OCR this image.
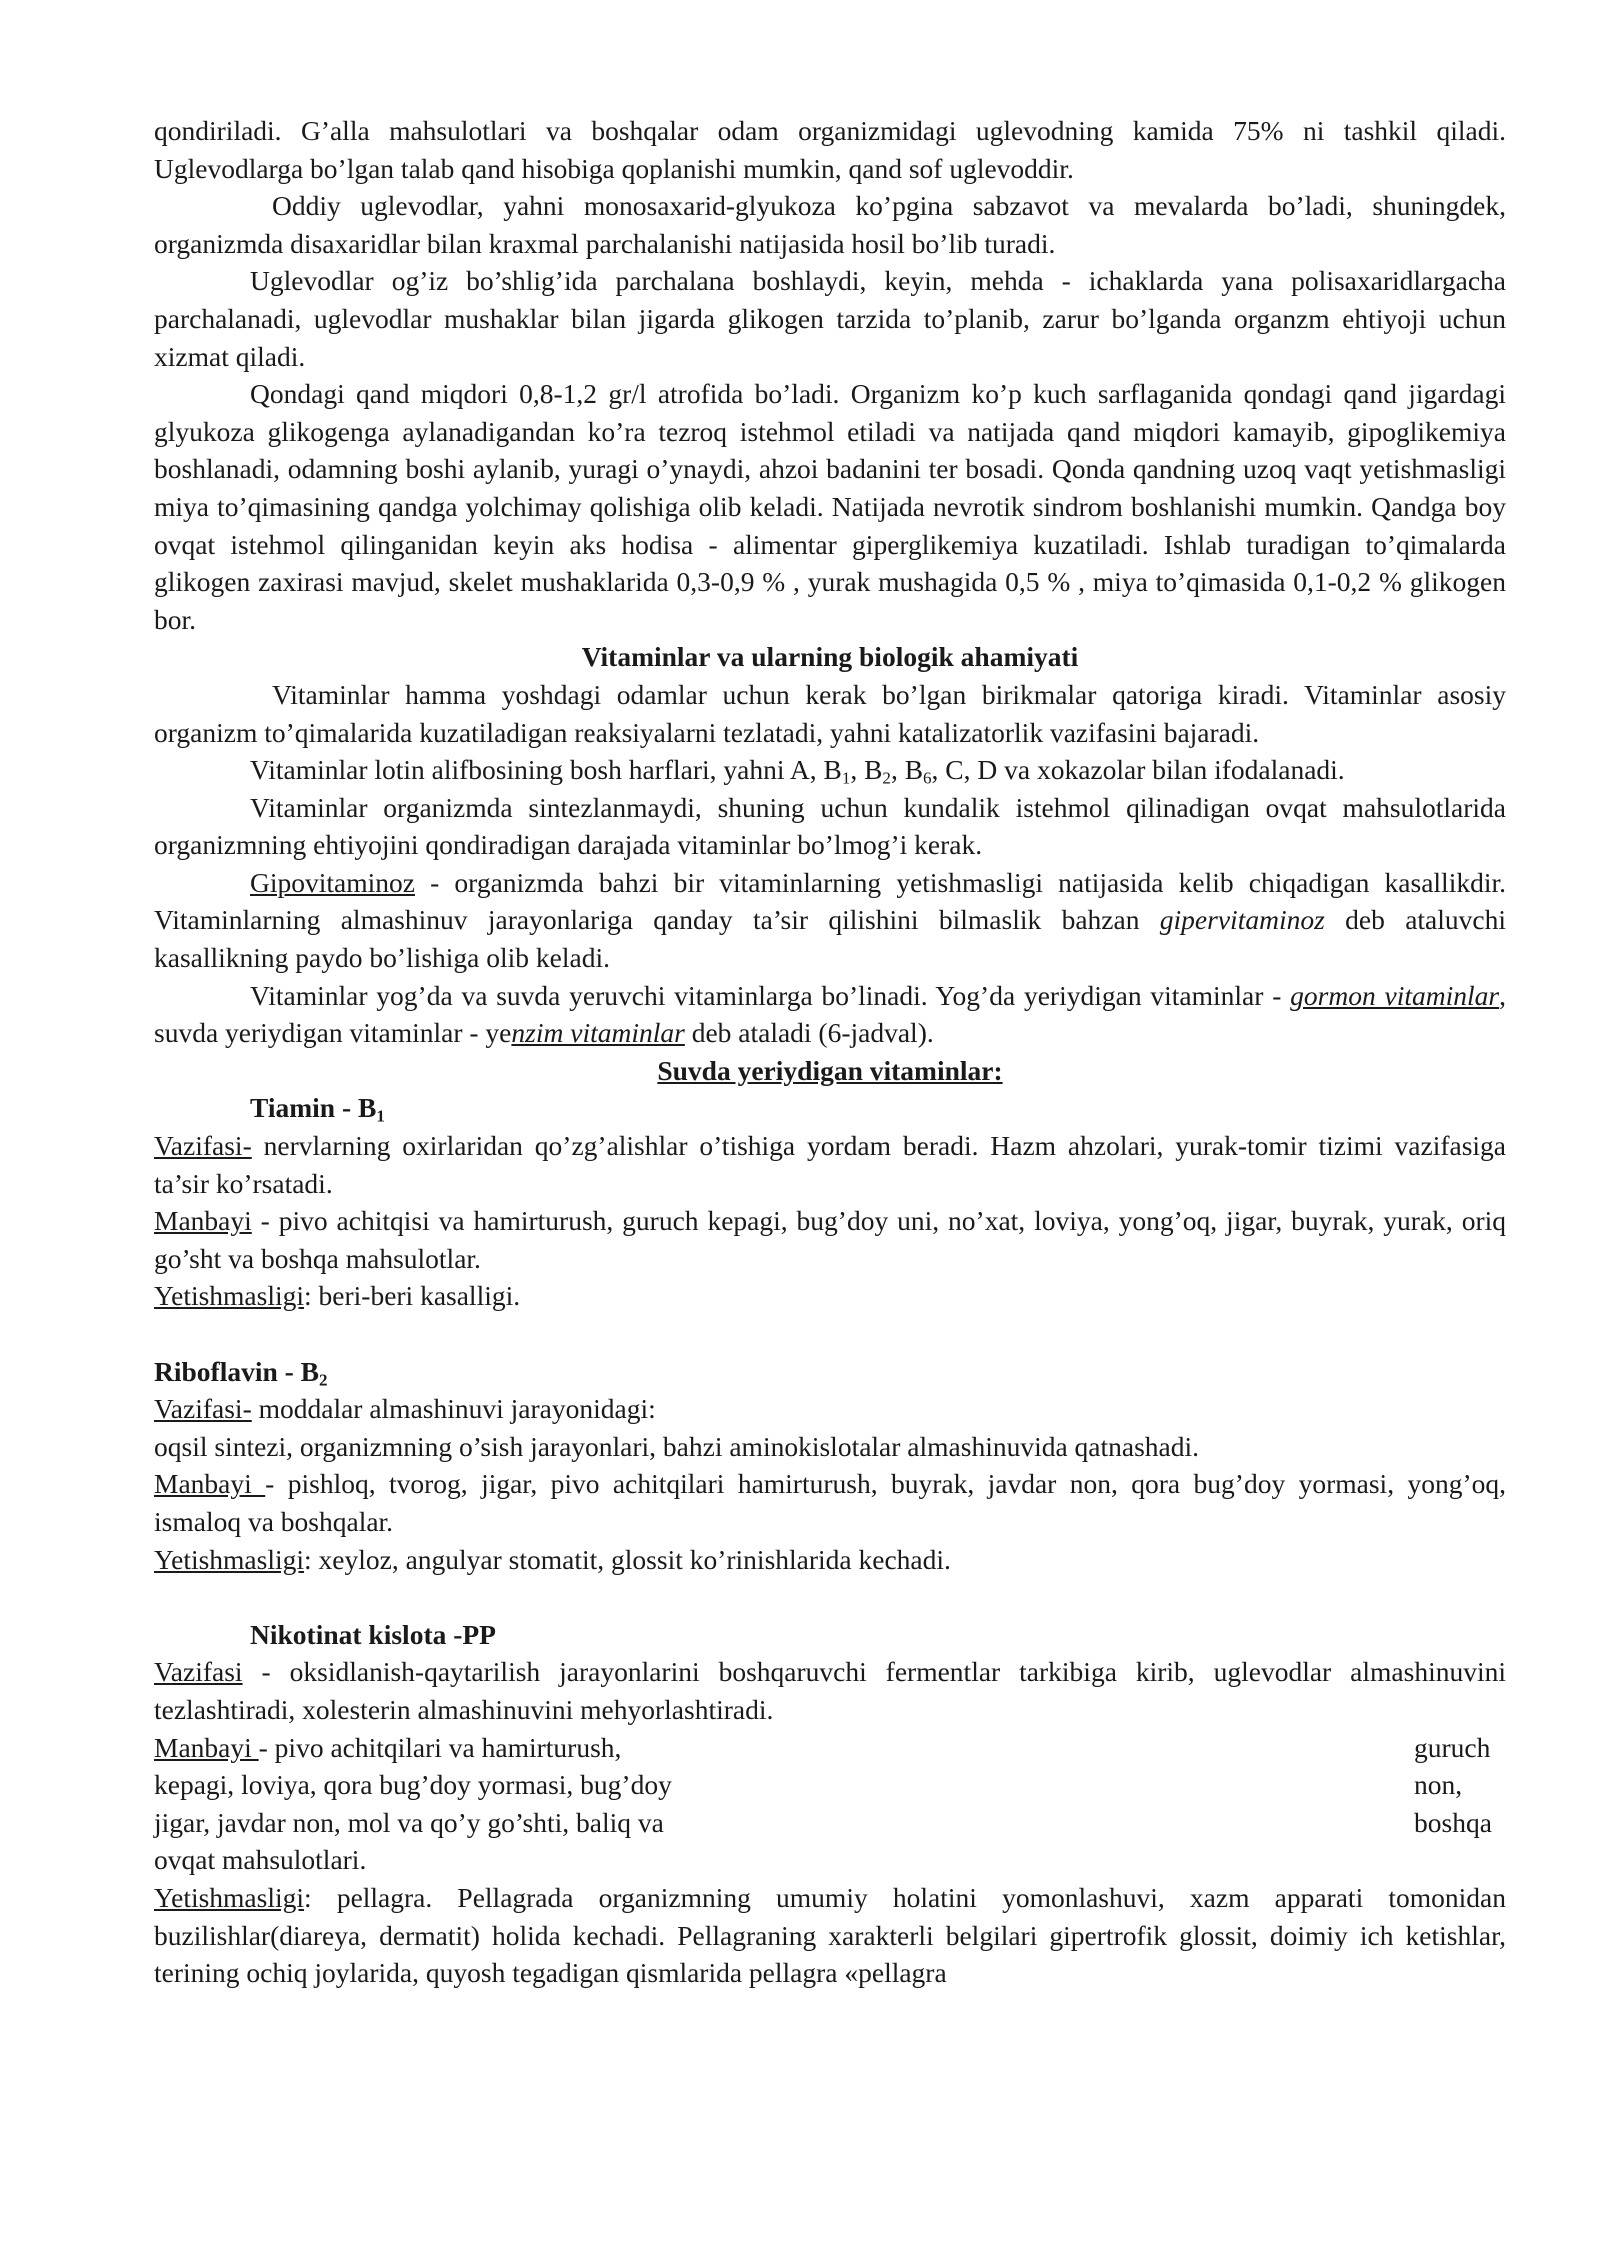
qondiriladi. G’alla mahsulotlari va boshqalar odam organizmidagi uglevodning kamida 75% ni tashkil qiladi. Uglevodlarga bo’lgan talab qand hisobiga qoplanishi mumkin, qand sof uglevoddir.

Oddiy uglevodlar, yahni monosaxarid-glyukoza ko’pgina sabzavot va mevalarda bo’ladi, shuningdek, organizmda disaxaridlar bilan kraxmal parchalanishi natijasida hosil bo’lib turadi.

Uglevodlar og’iz bo’shlig’ida parchalana boshlaydi, keyin, mehda - ichaklarda yana polisaxaridlargacha parchalanadi, uglevodlar mushaklar bilan jigarda glikogen tarzida to’planib, zarur bo’lganda organzm ehtiyoji uchun xizmat qiladi.

Qondagi qand miqdori 0,8-1,2 gr/l atrofida bo’ladi. Organizm ko’p kuch sarflaganida qondagi qand jigardagi glyukoza glikogenga aylanadigandan ko’ra tezroq istehmol etiladi va natijada qand miqdori kamayib, gipoglikemiya boshlanadi, odamning boshi aylanib, yuragi o’ynaydi, ahzoi badanini ter bosadi. Qonda qandning uzoq vaqt yetishmasligi miya to’qimasining qandga yolchimay qolishiga olib keladi. Natijada nevrotik sindrom boshlanishi mumkin. Qandga boy ovqat istehmol qilinganidan keyin aks hodisa - alimentar giperglikemiya kuzatiladi. Ishlab turadigan to’qimalarda glikogen zaxirasi mavjud, skelet mushaklarida 0,3-0,9 % , yurak mushagida 0,5 % , miya to’qimasida 0,1-0,2 % glikogen bor.

Vitaminlar va ularning biologik ahamiyati

Vitaminlar hamma yoshdagi odamlar uchun kerak bo’lgan birikmalar qatoriga kiradi. Vitaminlar asosiy organizm to’qimalarida kuzatiladigan reaksiyalarni tezlatadi, yahni katalizatorlik vazifasini bajaradi.

Vitaminlar lotin alifbosining bosh harflari, yahni A, $B_1$, $B_2$, $B_6$, C, D va xokazolar bilan ifodalanadi.

Vitaminlar organizmda sintezlanmaydi, shuning uchun kundalik istehmol qilinadigan ovqat mahsulotlarida organizmning ehtiyojini qondiradigan darajada vitaminlar bo’lmog’i kerak.

Gipovitaminoz - organizmda bahzi bir vitaminlarning yetishmasligi natijasida kelib chiqadigan kasallikdir. Vitaminlarning almashinuv jarayonlariga qanday ta’sir qilishini bilmaslik bahzan gipervitaminoz deb ataluvchi kasallikning paydo bo’lishiga olib keladi.

Vitaminlar yog’da va suvda yeruvchi vitaminlarga bo’linadi. Yog’da yeriydigan vitaminlar - gormon vitaminlar, suvda yeriydigan vitaminlar - yenzim vitaminlar deb ataladi (6-jadval).

Suvda yeriydigan vitaminlar:

Tiamin - $B_1$

Vazifasi- nervlarning oxirlaridan qo’zg’alishlar o’tishiga yordam beradi. Hazm ahzolari, yurak-tomir tizimi vazifasiga ta’sir ko’rsatadi.

Manbayi - pivo achitqisi va hamirturush, guruch kepagi, bug’doy uni, no’xat, loviya, yong’oq, jigar, buyrak, yurak, oriq go’sht va boshqa mahsulotlar.

Yetishmasligi: beri-beri kasalligi.

Riboflavin - $B_2$

Vazifasi- moddalar almashinuvi jarayonidagi:

oqsil sintezi, organizmning o’sish jarayonlari, bahzi aminokislotalar almashinuvida qatnashadi.

Manbayi - pishloq, tvorog, jigar, pivo achitqilari hamirturush, buyrak, javdar non, qora bug’doy yormasi, yong’oq, ismaloq va boshqalar.

Yetishmasligi: xeyloz, angulyar stomatit, glossit ko’rinishlarida kechadi.

Nikotinat kislota -PP

Vazifasi - oksidlanish-qaytarilish jarayonlarini boshqaruvchi fermentlar tarkibiga kirib, uglevodlar almashinuvini tezlashtiradi, xolesterin almashinuvini mehyorlashtiradi.

Manbayi - pivo achitqilari va hamirturush,	guruch
kepagi, loviya, qora bug’doy yormasi, bug’doy	non,
jigar, javdar non, mol va qo’y go’shti, baliq va	boshqa

ovqat mahsulotlari.

Yetishmasligi: pellagra. Pellagrada organizmning umumiy holatini yomonlashuvi, xazm apparati tomonidan buzilishlar(diareya, dermatit) holida kechadi. Pellagraning xarakterli belgilari gipertrofik glossit, doimiy ich ketishlar, terining ochiq joylarida, quyosh tegadigan qismlarida pellagra «pellagra
